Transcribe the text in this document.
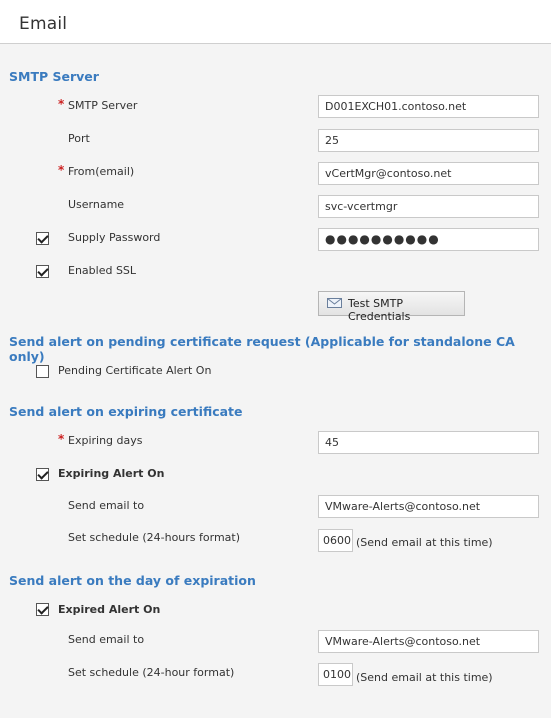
Email
SMTP Server
* SMTP Server	D001EXCH01.contoso.net
Port	25
* From(email)	vCertMgr@contoso.net
Username	svc-vcertmgr
Supply Password	●●●●●●●●●●
Enabled SSL
Test SMTP Credentials
Send alert on pending certificate request (Applicable for standalone CA only)
Pending Certificate Alert On
Send alert on expiring certificate
* Expiring days	45
Expiring Alert On
Send email to	VMware-Alerts@contoso.net
Set schedule (24-hours format)	0600 (Send email at this time)
Send alert on the day of expiration
Expired Alert On
Send email to	VMware-Alerts@contoso.net
Set schedule (24-hour format)	0100 (Send email at this time)
